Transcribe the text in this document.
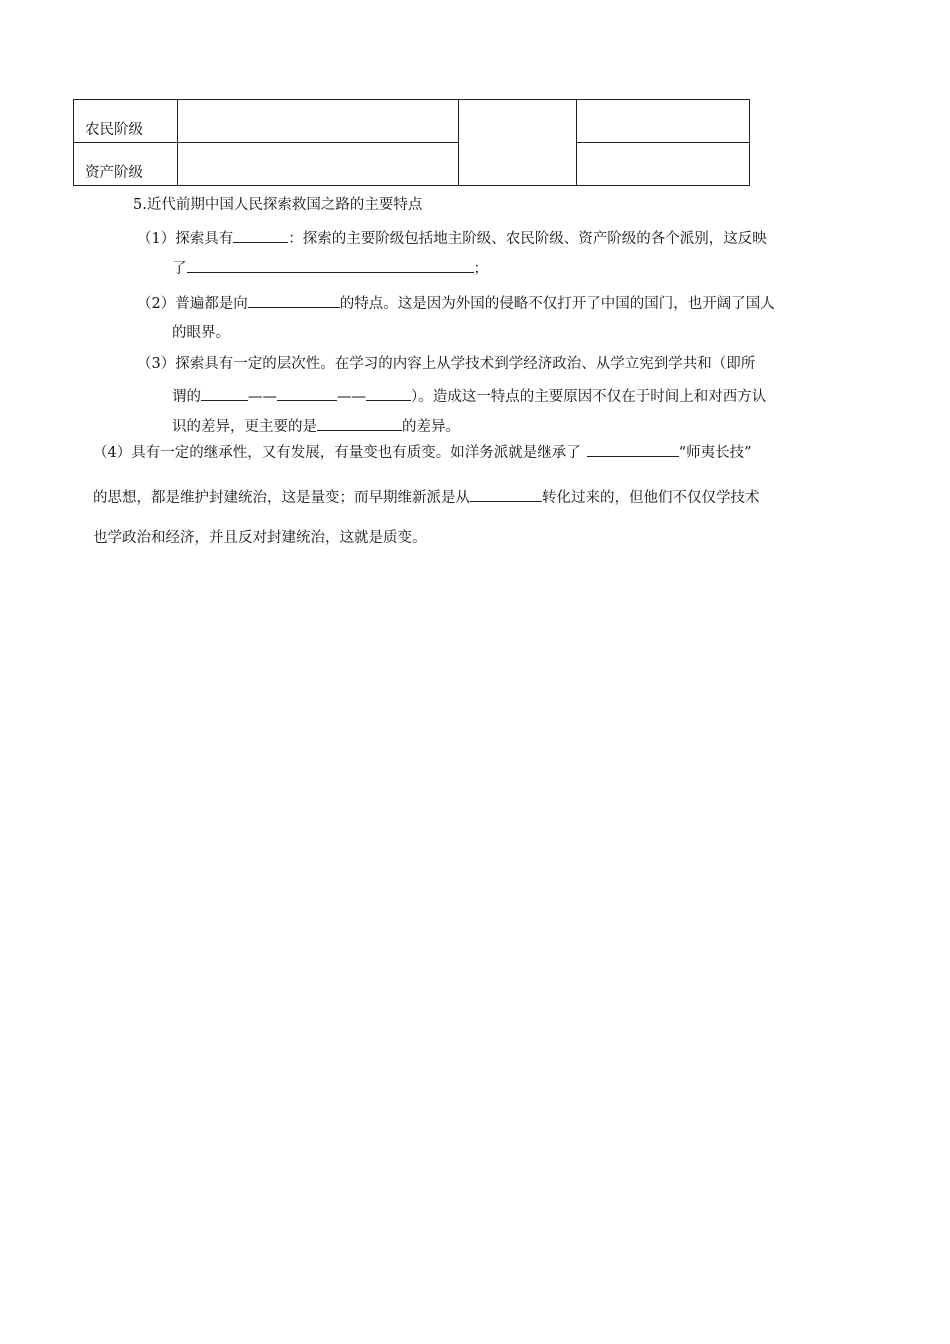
农民阶级			
资产阶级			
5.近代前期中国人民探索救国之路的主要特点
（1）探索具有	：探索的主要阶级包括地主阶级、农民阶级、资产阶级的各个派别，这反映
了	；
（2）普遍都是向	的特点。这是因为外国的侵略不仅打开了中国的国门，也开阔了国人
的眼界。
（3）探索具有一定的层次性。在学习的内容上从学技术到学经济政治、从学立宪到学共和（即所
谓的	——	——	）。造成这一特点的主要原因不仅在于时间上和对西方认
识的差异，更主要的是	的差异。
（4）具有一定的继承性，又有发展，有量变也有质变。如洋务派就是继承了	“师夷长技”
的思想，都是维护封建统治，这是量变；而早期维新派是从	转化过来的，但他们不仅仅学技术
也学政治和经济，并且反对封建统治，这就是质变。
